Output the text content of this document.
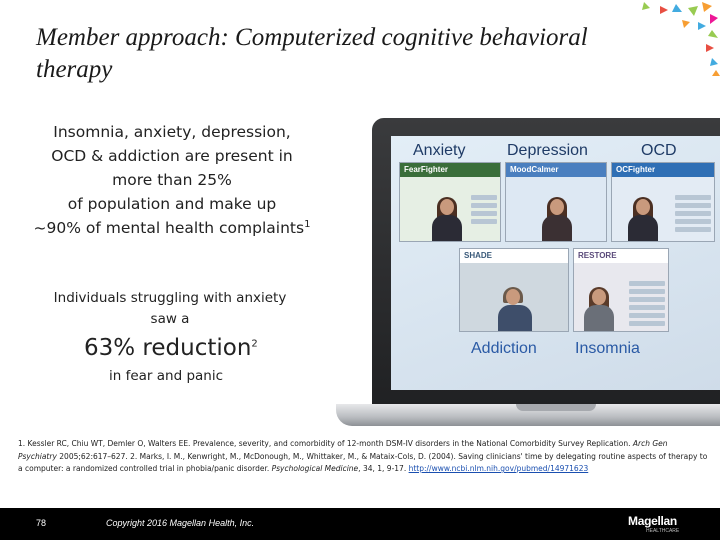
Member approach: Computerized cognitive behavioral therapy
Insomnia, anxiety, depression,
OCD & addiction are present in
more than 25%
of population and make up
~90% of mental health complaints$^1$
Individuals struggling with anxiety
saw a
63% reduction$^2$
in fear and panic
Anxiety	Depression	OCD
FearFighter	MoodCalmer	OCFighter
SHADE	RESTORE
Addiction Insomnia
1. Kessler RC, Chiu WT, Demler O, Walters EE. Prevalence, severity, and comorbidity of 12-month DSM-IV disorders in the National Comorbidity Survey Replication. Arch Gen Psychiatry 2005;62:617–627. 2. Marks, I. M., Kenwright, M., McDonough, M., Whittaker, M., & Mataix-Cols, D. (2004). Saving clinicians' time by delegating routine aspects of therapy to a computer: a randomized controlled trial in phobia/panic disorder. Psychological Medicine, 34, 1, 9-17. http://www.ncbi.nlm.nih.gov/pubmed/14971623
78	Copyright 2016 Magellan Health, Inc.	Magellan
HEALTHCARE
